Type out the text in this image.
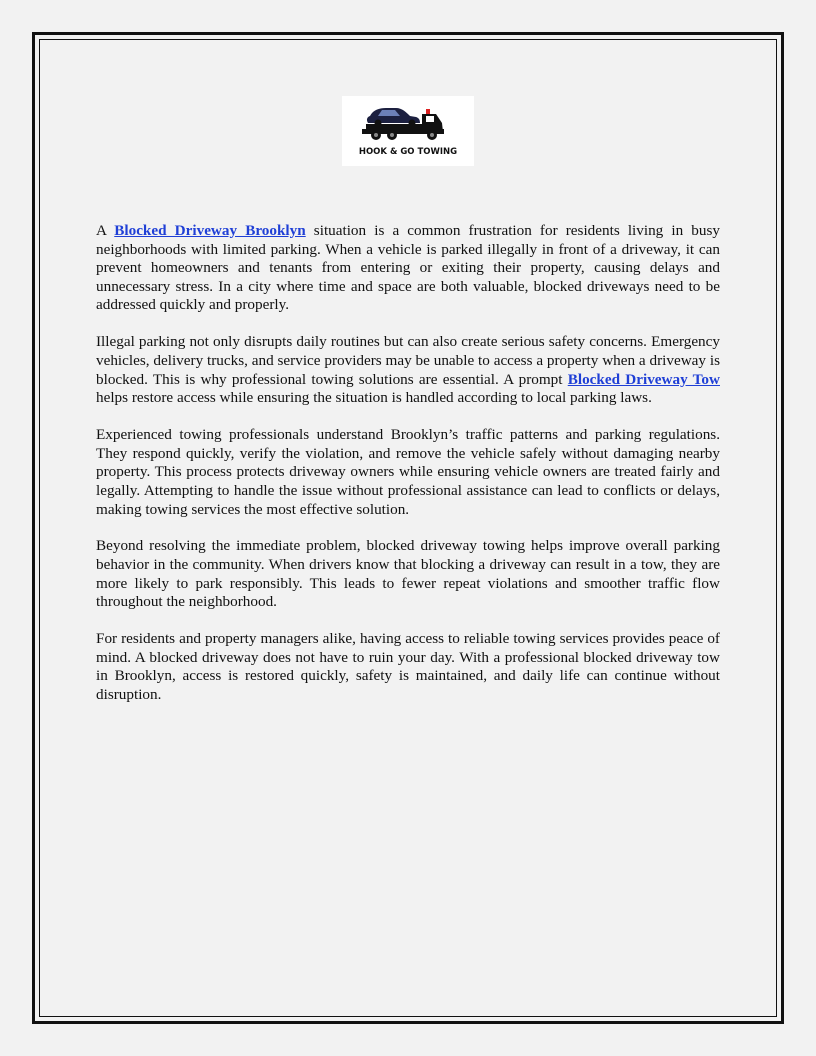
HOOK & GO TOWING

A Blocked Driveway Brooklyn situation is a common frustration for residents living in busy neighborhoods with limited parking. When a vehicle is parked illegally in front of a driveway, it can prevent homeowners and tenants from entering or exiting their property, causing delays and unnecessary stress. In a city where time and space are both valuable, blocked driveways need to be addressed quickly and properly.

Illegal parking not only disrupts daily routines but can also create serious safety concerns. Emergency vehicles, delivery trucks, and service providers may be unable to access a property when a driveway is blocked. This is why professional towing solutions are essential. A prompt Blocked Driveway Tow helps restore access while ensuring the situation is handled according to local parking laws.

Experienced towing professionals understand Brooklyn’s traffic patterns and parking regulations. They respond quickly, verify the violation, and remove the vehicle safely without damaging nearby property. This process protects driveway owners while ensuring vehicle owners are treated fairly and legally. Attempting to handle the issue without professional assistance can lead to conflicts or delays, making towing services the most effective solution.

Beyond resolving the immediate problem, blocked driveway towing helps improve overall parking behavior in the community. When drivers know that blocking a driveway can result in a tow, they are more likely to park responsibly. This leads to fewer repeat violations and smoother traffic flow throughout the neighborhood.

For residents and property managers alike, having access to reliable towing services provides peace of mind. A blocked driveway does not have to ruin your day. With a professional blocked driveway tow in Brooklyn, access is restored quickly, safety is maintained, and daily life can continue without disruption.
